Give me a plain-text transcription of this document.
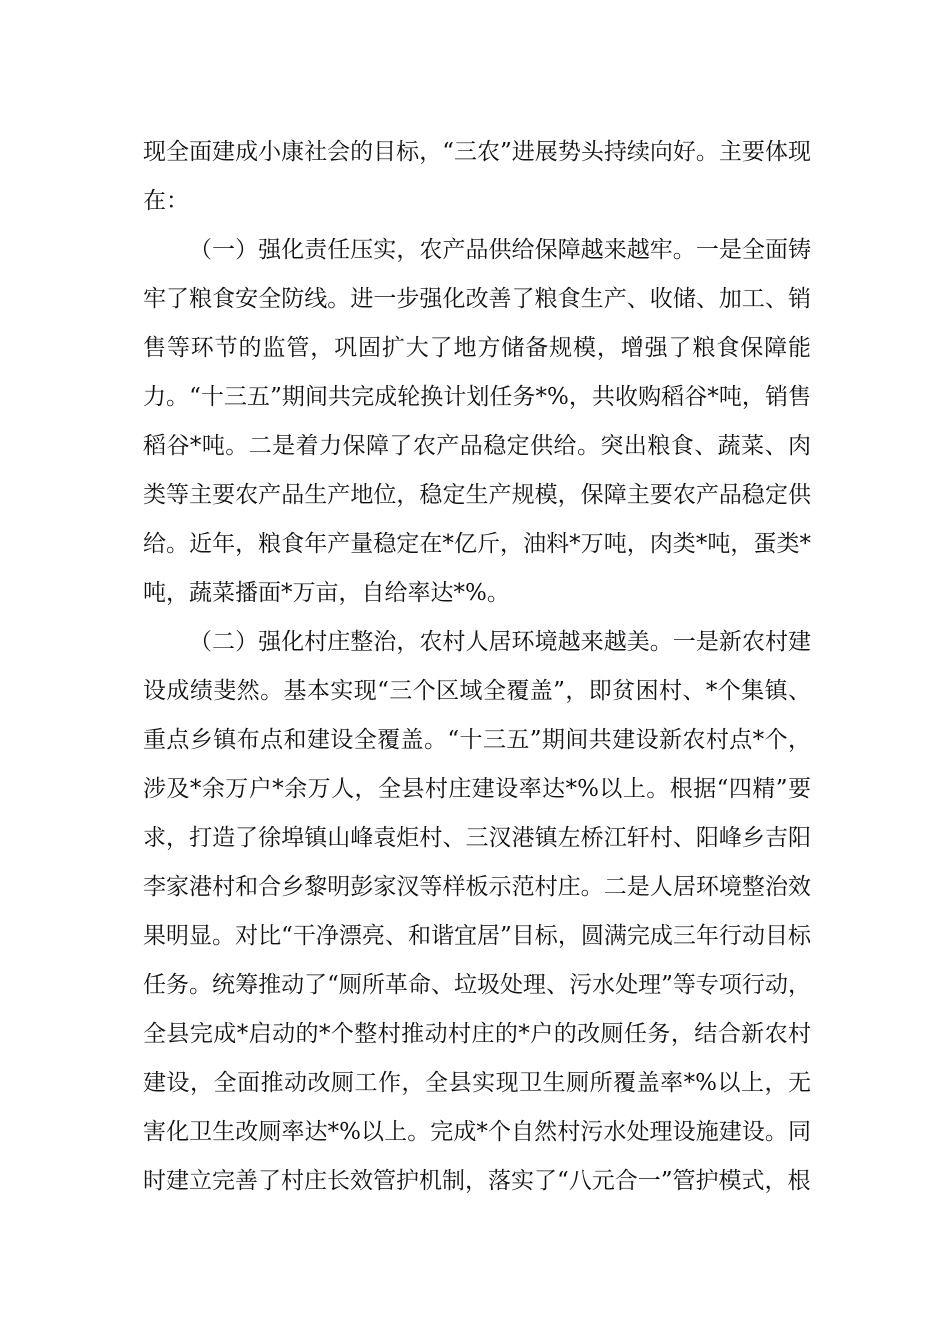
现全面建成小康社会的目标，“三农”进展势头持续向好。主要体现在：

（一）强化责任压实，农产品供给保障越来越牢。一是全面铸牢了粮食安全防线。进一步强化改善了粮食生产、收储、加工、销售等环节的监管，巩固扩大了地方储备规模，增强了粮食保障能力。“十三五”期间共完成轮换计划任务*%，共收购稻谷*吨，销售稻谷*吨。二是着力保障了农产品稳定供给。突出粮食、蔬菜、肉类等主要农产品生产地位，稳定生产规模，保障主要农产品稳定供给。近年，粮食年产量稳定在*亿斤，油料*万吨，肉类*吨，蛋类*吨，蔬菜播面*万亩，自给率达*%。

（二）强化村庄整治，农村人居环境越来越美。一是新农村建设成绩斐然。基本实现“三个区域全覆盖”，即贫困村、*个集镇、重点乡镇布点和建设全覆盖。“十三五”期间共建设新农村点*个，涉及*余万户*余万人，全县村庄建设率达*%以上。根据“四精”要求，打造了徐埠镇山峰袁炬村、三汊港镇左桥江轩村、阳峰乡吉阳李家港村和合乡黎明彭家汊等样板示范村庄。二是人居环境整治效果明显。对比“干净漂亮、和谐宜居”目标，圆满完成三年行动目标任务。统筹推动了“厕所革命、垃圾处理、污水处理”等专项行动，全县完成*启动的*个整村推动村庄的*户的改厕任务，结合新农村建设，全面推动改厕工作，全县实现卫生厕所覆盖率*%以上，无害化卫生改厕率达*%以上。完成*个自然村污水处理设施建设。同时建立完善了村庄长效管护机制，落实了“八元合一”管护模式，根
